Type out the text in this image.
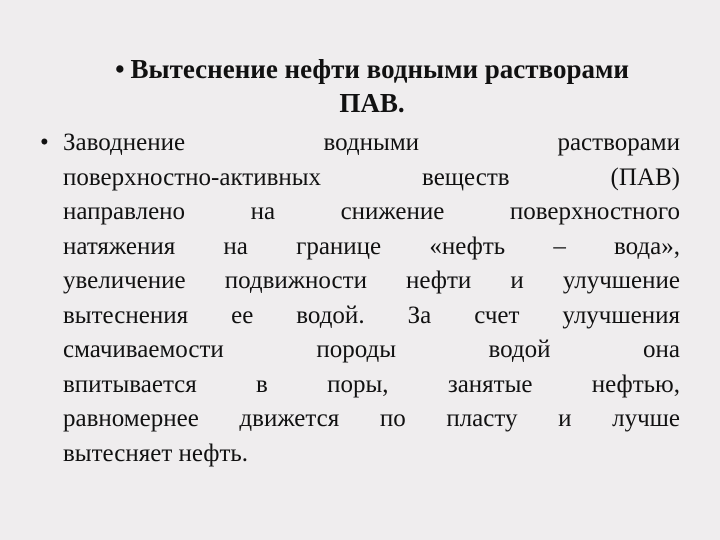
• Вытеснение нефти водными растворами
ПАВ.
• Заводнение водными растворами
поверхностно-активных веществ (ПАВ)
направлено на снижение поверхностного
натяжения на границе «нефть – вода»,
увеличение подвижности нефти и улучшение
вытеснения ее водой. За счет улучшения
смачиваемости породы водой она
впитывается в поры, занятые нефтью,
равномернее движется по пласту и лучше
вытесняет нефть.
